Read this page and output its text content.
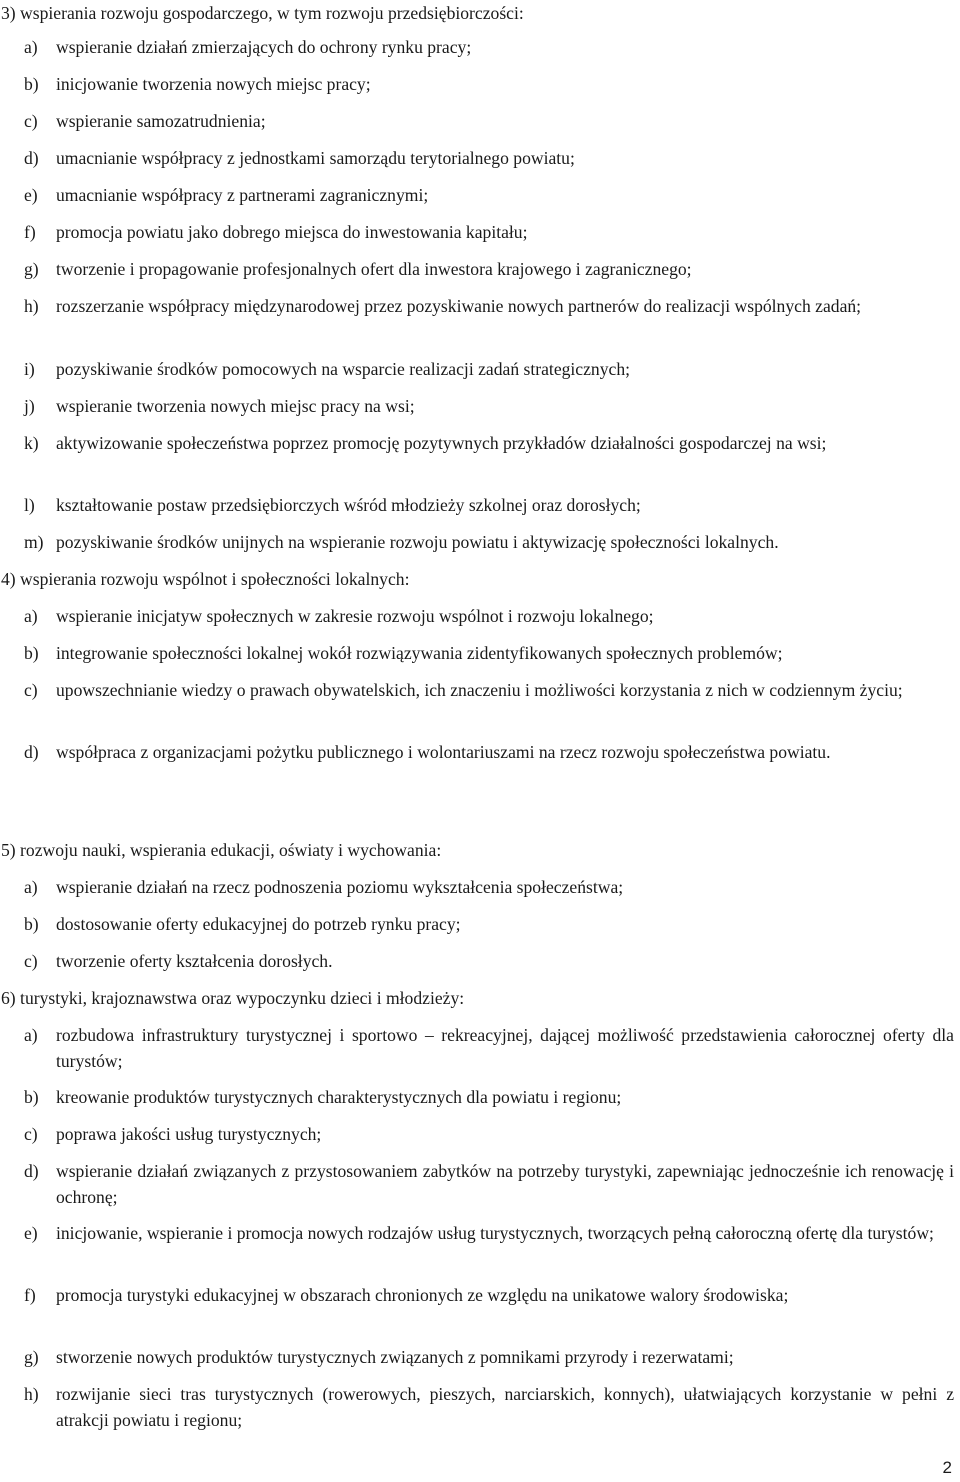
3) wspierania rozwoju gospodarczego, w tym rozwoju przedsiębiorczości:
a)	wspieranie działań zmierzających do ochrony rynku pracy;
b) inicjowanie tworzenia nowych miejsc pracy;
c)	wspieranie samozatrudnienia;
d) umacnianie współpracy z jednostkami samorządu terytorialnego powiatu;
e)	umacnianie współpracy z partnerami zagranicznymi;
f)	promocja powiatu jako dobrego miejsca do inwestowania kapitału;
g) tworzenie i propagowanie profesjonalnych ofert dla inwestora krajowego i zagranicznego;
h) rozszerzanie współpracy międzynarodowej przez pozyskiwanie nowych partnerów do realizacji wspólnych zadań;
i)	pozyskiwanie środków pomocowych na wsparcie realizacji zadań strategicznych;
j)	wspieranie tworzenia nowych miejsc pracy na wsi;
k) aktywizowanie społeczeństwa poprzez promocję pozytywnych przykładów działalności gospodarczej na wsi;
l)	kształtowanie postaw przedsiębiorczych wśród młodzieży szkolnej oraz dorosłych;
m) pozyskiwanie środków unijnych na wspieranie rozwoju powiatu i aktywizację społeczności lokalnych.
4) wspierania rozwoju wspólnot i społeczności lokalnych:
a)	wspieranie inicjatyw społecznych w zakresie rozwoju wspólnot i rozwoju lokalnego;
b) integrowanie społeczności lokalnej wokół rozwiązywania zidentyfikowanych społecznych problemów;
c)	upowszechnianie wiedzy o prawach obywatelskich, ich znaczeniu i możliwości korzystania z nich w codziennym życiu;
d) współpraca z organizacjami pożytku publicznego i wolontariuszami na rzecz rozwoju społeczeństwa powiatu.
5) rozwoju nauki, wspierania edukacji, oświaty i wychowania:
a)	wspieranie działań na rzecz podnoszenia poziomu wykształcenia społeczeństwa;
b) dostosowanie oferty edukacyjnej do potrzeb rynku pracy;
c)	tworzenie oferty kształcenia dorosłych.
6) turystyki, krajoznawstwa oraz wypoczynku dzieci i młodzieży:
a)	rozbudowa infrastruktury turystycznej i sportowo – rekreacyjnej, dającej możliwość przedstawienia całorocznej oferty dla turystów;
b) kreowanie produktów turystycznych charakterystycznych dla powiatu i regionu;
c)	poprawa jakości usług turystycznych;
d) wspieranie działań związanych z przystosowaniem zabytków na potrzeby turystyki, zapewniając jednocześnie ich renowację i ochronę;
e)	inicjowanie, wspieranie i promocja nowych rodzajów usług turystycznych, tworzących pełną całoroczną ofertę dla turystów;
f)	promocja turystyki edukacyjnej w obszarach chronionych ze względu na unikatowe walory środowiska;
g) stworzenie nowych produktów turystycznych związanych z pomnikami przyrody i rezerwatami;
h) rozwijanie sieci tras turystycznych (rowerowych, pieszych, narciarskich, konnych), ułatwiających korzystanie w pełni z atrakcji powiatu i regionu;
2
